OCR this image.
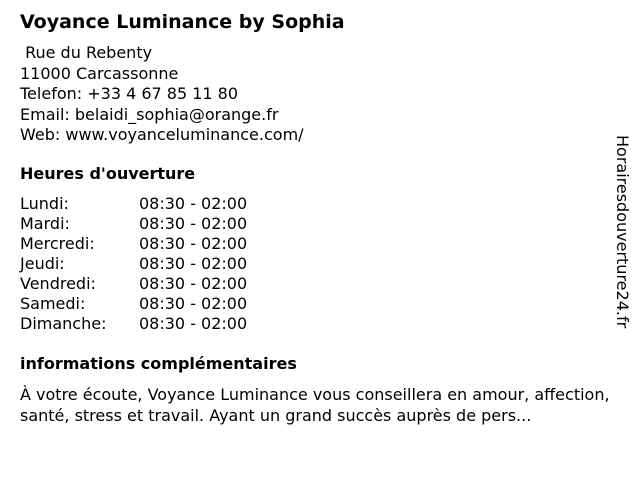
Voyance Luminance by Sophia
Rue du Rebenty
11000 Carcassonne
Telefon: +33 4 67 85 11 80
Email: belaidi_sophia@orange.fr
Web: www.voyanceluminance.com/
Heures d'ouverture
Lundi:	08:30 - 02:00
Mardi:	08:30 - 02:00
Mercredi:	08:30 - 02:00
Jeudi:	08:30 - 02:00
Vendredi:	08:30 - 02:00
Samedi:	08:30 - 02:00
Dimanche: 08:30 - 02:00
informations complémentaires
À votre écoute, Voyance Luminance vous conseillera en amour, affection, santé, stress et travail. Ayant un grand succès auprès de pers...
Horairesdouverture24.fr
